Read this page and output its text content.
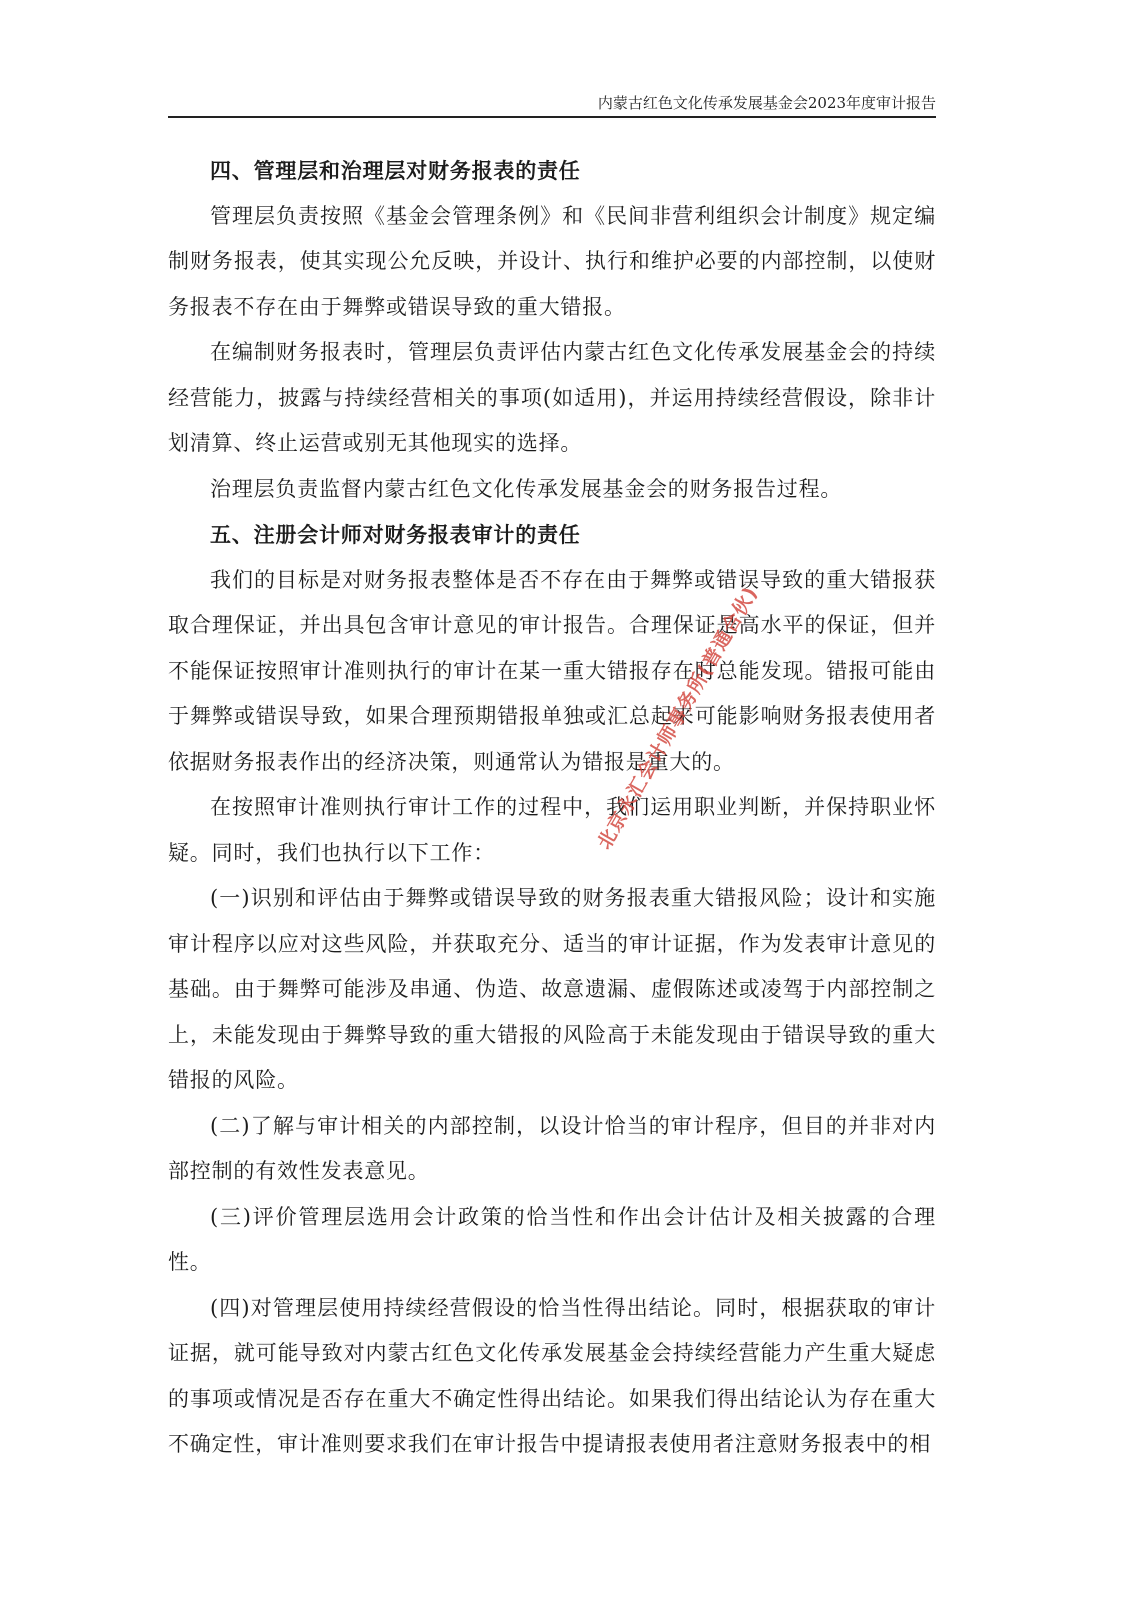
内蒙古红色文化传承发展基金会2023年度审计报告

四、管理层和治理层对财务报表的责任

管理层负责按照《基金会管理条例》和《民间非营利组织会计制度》规定编制财务报表，使其实现公允反映，并设计、执行和维护必要的内部控制，以使财务报表不存在由于舞弊或错误导致的重大错报。

在编制财务报表时，管理层负责评估内蒙古红色文化传承发展基金会的持续经营能力，披露与持续经营相关的事项(如适用)，并运用持续经营假设，除非计划清算、终止运营或别无其他现实的选择。

治理层负责监督内蒙古红色文化传承发展基金会的财务报告过程。

五、注册会计师对财务报表审计的责任

我们的目标是对财务报表整体是否不存在由于舞弊或错误导致的重大错报获取合理保证，并出具包含审计意见的审计报告。合理保证是高水平的保证，但并不能保证按照审计准则执行的审计在某一重大错报存在时总能发现。错报可能由于舞弊或错误导致，如果合理预期错报单独或汇总起来可能影响财务报表使用者依据财务报表作出的经济决策，则通常认为错报是重大的。

在按照审计准则执行审计工作的过程中，我们运用职业判断，并保持职业怀疑。同时，我们也执行以下工作：

(一)识别和评估由于舞弊或错误导致的财务报表重大错报风险；设计和实施审计程序以应对这些风险，并获取充分、适当的审计证据，作为发表审计意见的基础。由于舞弊可能涉及串通、伪造、故意遗漏、虚假陈述或凌驾于内部控制之上，未能发现由于舞弊导致的重大错报的风险高于未能发现由于错误导致的重大错报的风险。

(二)了解与审计相关的内部控制，以设计恰当的审计程序，但目的并非对内部控制的有效性发表意见。

(三)评价管理层选用会计政策的恰当性和作出会计估计及相关披露的合理性。

(四)对管理层使用持续经营假设的恰当性得出结论。同时，根据获取的审计证据，就可能导致对内蒙古红色文化传承发展基金会持续经营能力产生重大疑虑的事项或情况是否存在重大不确定性得出结论。如果我们得出结论认为存在重大不确定性，审计准则要求我们在审计报告中提请报表使用者注意财务报表中的相

北京永汇会计师事务所(普通合伙)
